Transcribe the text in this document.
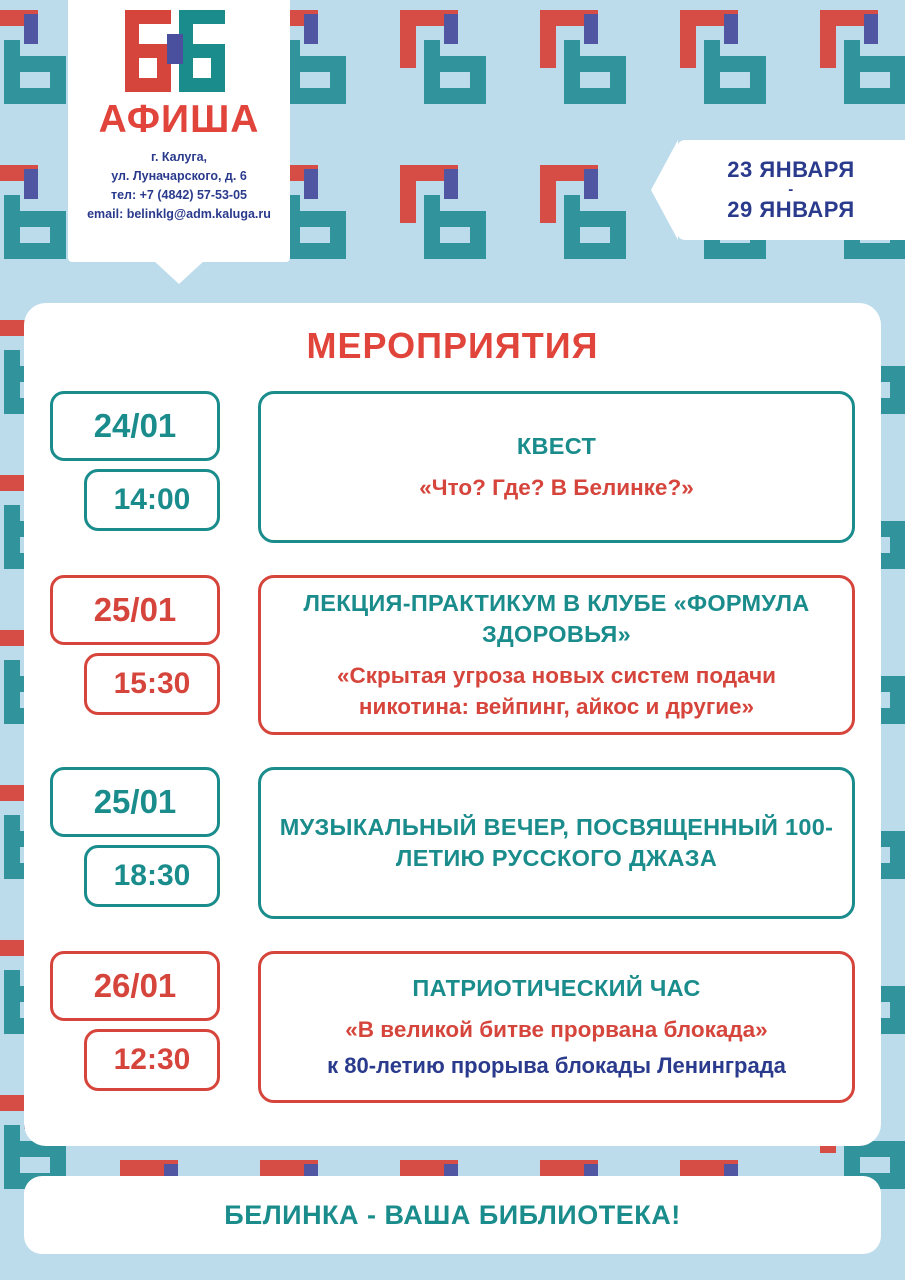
АФИША
г. Калуга,
ул. Луначарского, д. 6
тел: +7 (4842) 57-53-05
email: belinklg@adm.kaluga.ru
23 ЯНВАРЯ
-
29 ЯНВАРЯ
МЕРОПРИЯТИЯ
24/01
14:00
КВЕСТ
«Что? Где? В Белинке?»
25/01
15:30
ЛЕКЦИЯ-ПРАКТИКУМ В КЛУБЕ «ФОРМУЛА ЗДОРОВЬЯ»
«Скрытая угроза новых систем подачи никотина: вейпинг, айкос и другие»
25/01
18:30
МУЗЫКАЛЬНЫЙ ВЕЧЕР, ПОСВЯЩЕННЫЙ 100-ЛЕТИЮ РУССКОГО ДЖАЗА
26/01
12:30
ПАТРИОТИЧЕСКИЙ ЧАС
«В великой битве прорвана блокада»
к 80-летию прорыва блокады Ленинграда
БЕЛИНКА - ВАША БИБЛИОТЕКА!
